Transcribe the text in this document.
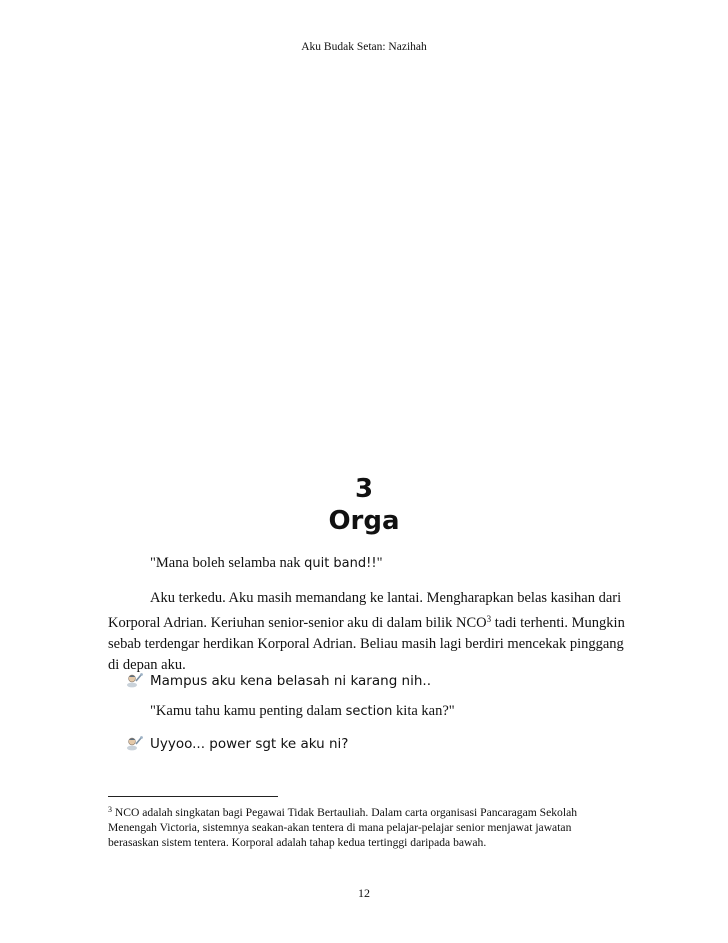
Aku Budak Setan: Nazihah
3
Orga
"Mana boleh selamba nak quit band!!"
Aku terkedu. Aku masih memandang ke lantai. Mengharapkan belas kasihan dari Korporal Adrian. Keriuhan senior-senior aku di dalam bilik NCO$^3$ tadi terhenti. Mungkin sebab terdengar herdikan Korporal Adrian. Beliau masih lagi berdiri mencekak pinggang di depan aku.
Mampus aku kena belasah ni karang nih..
"Kamu tahu kamu penting dalam section kita kan?"
Uyyoo... power sgt ke aku ni?
$^3$ NCO adalah singkatan bagi Pegawai Tidak Bertauliah. Dalam carta organisasi Pancaragam Sekolah Menengah Victoria, sistemnya seakan-akan tentera di mana pelajar-pelajar senior menjawat jawatan berasaskan sistem tentera. Korporal adalah tahap kedua tertinggi daripada bawah.
12
